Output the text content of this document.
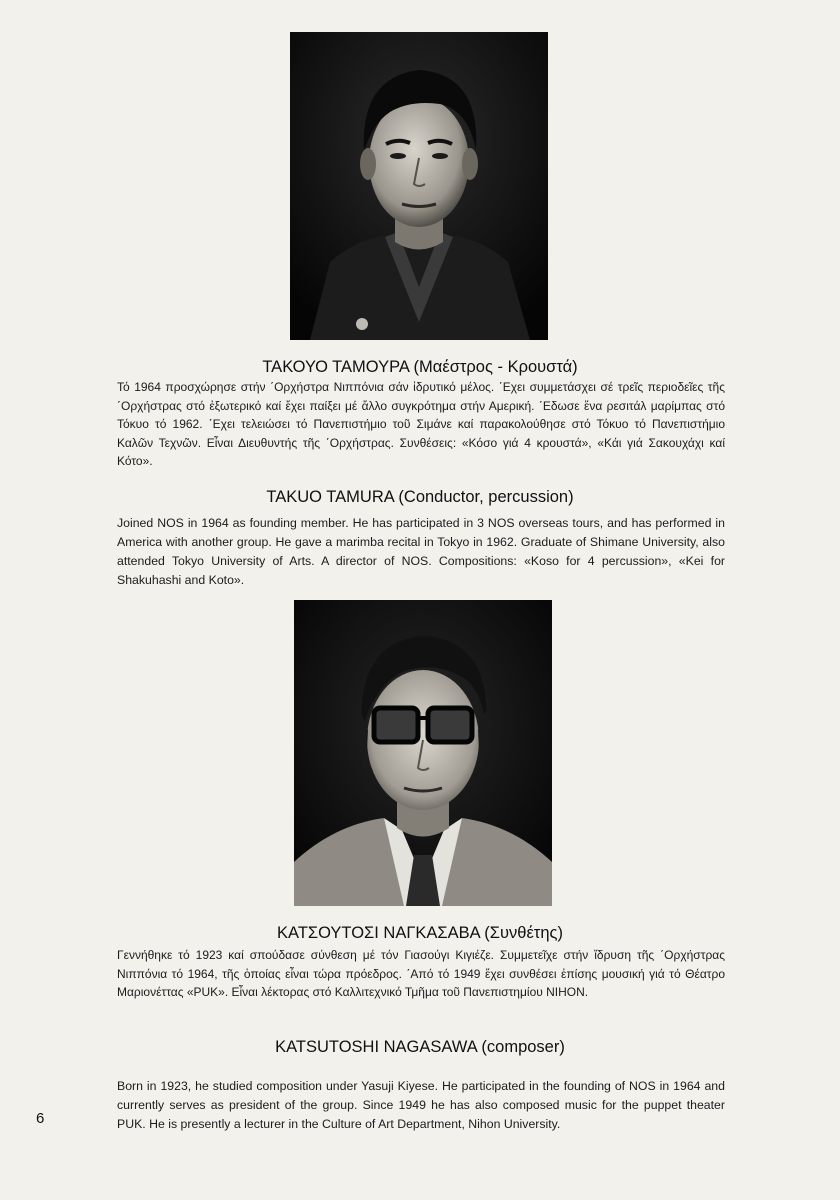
ΤΑΚΟΥΟ ΤΑΜΟΥΡΑ (Μαέστρος - Κρουστά)

Τό 1964 προσχώρησε στήν ΄Ορχήστρα Νιππόνια σάν ἱδρυτικό μέλος. ΄Εχει συμμετάσχει σέ τρεῖς περιοδεῖες τῆς ΄Ορχήστρας στό ἐξωτερικό καί ἔχει παίξει μέ ἄλλο συγκρότημα στήν Αμερική. ΄Εδωσε ἕνα ρεσιτάλ μαρίμπας στό Τόκυο τό 1962. ΄Εχει τελειώσει τό Πανεπιστήμιο τοῦ Σιμάνε καί παρακολούθησε στό Τόκυο τό Πανεπιστήμιο Καλῶν Τεχνῶν. Εἶναι Διευθυντής τῆς ΄Ορχήστρας. Συνθέσεις: «Κόσο γιά 4 κρουστά», «Κάι γιά Σακουχάχι καί Κότο».

TAKUO TAMURA (Conductor, percussion)

Joined NOS in 1964 as founding member. He has participated in 3 NOS overseas tours, and has performed in America with another group. He gave a marimba recital in Tokyo in 1962. Graduate of Shimane University, also attended Tokyo University of Arts. A director of NOS. Compositions: «Koso for 4 percussion», «Kei for Shakuhashi and Koto».

ΚΑΤΣΟΥΤΟΣΙ ΝΑΓΚΑΣΑΒΑ (Συνθέτης)

Γεννήθηκε τό 1923 καί σπούδασε σύνθεση μέ τόν Γιασούγι Κιγιέζε. Συμμετεῖχε στήν ἵδρυση τῆς ΄Ορχήστρας Νιππόνια τό 1964, τῆς ὁποίας εἶναι τώρα πρόεδρος. ΄Από τό 1949 ἔχει συνθέσει ἐπίσης μουσική γιά τό Θέατρο Μαριονέττας «PUK». Εἶναι λέκτορας στό Καλλιτεχνικό Τμῆμα τοῦ Πανεπιστημίου NIHON.

KATSUTOSHI NAGASAWA (composer)

Born in 1923, he studied composition under Yasuji Kiyese. He participated in the founding of NOS in 1964 and currently serves as president of the group. Since 1949 he has also composed music for the puppet theater PUK. He is presently a lecturer in the Culture of Art Department, Nihon University.

6
